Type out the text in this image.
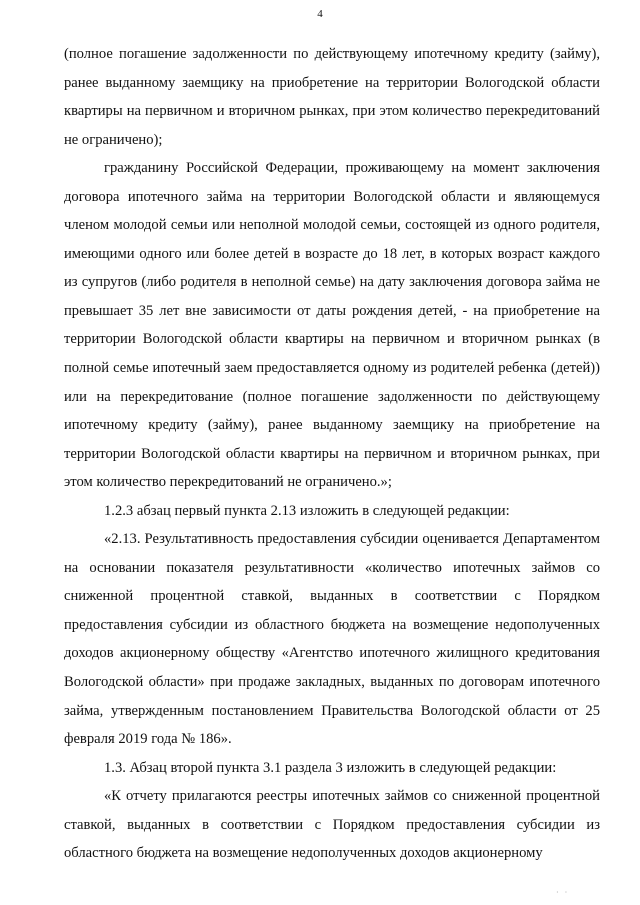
4

(полное погашение задолженности по действующему ипотечному кредиту (займу), ранее выданному заемщику на приобретение на территории Вологодской области квартиры на первичном и вторичном рынках, при этом количество перекредитований не ограничено);

гражданину Российской Федерации, проживающему на момент заключения договора ипотечного займа на территории Вологодской области и являющемуся членом молодой семьи или неполной молодой семьи, состоящей из одного родителя, имеющими одного или более детей в возрасте до 18 лет, в которых возраст каждого из супругов (либо родителя в неполной семье) на дату заключения договора займа не превышает 35 лет вне зависимости от даты рождения детей, - на приобретение на территории Вологодской области квартиры на первичном и вторичном рынках (в полной семье ипотечный заем предоставляется одному из родителей ребенка (детей)) или на перекредитование (полное погашение задолженности по действующему ипотечному кредиту (займу), ранее выданному заемщику на приобретение на территории Вологодской области квартиры на первичном и вторичном рынках, при этом количество перекредитований не ограничено.»;

1.2.3 абзац первый пункта 2.13 изложить в следующей редакции:

«2.13. Результативность предоставления субсидии оценивается Департаментом на основании показателя результативности «количество ипотечных займов со сниженной процентной ставкой, выданных в соответствии с Порядком предоставления субсидии из областного бюджета на возмещение недополученных доходов акционерному обществу «Агентство ипотечного жилищного кредитования Вологодской области» при продаже закладных, выданных по договорам ипотечного займа, утвержденным постановлением Правительства Вологодской области от 25 февраля 2019 года № 186».

1.3. Абзац второй пункта 3.1 раздела 3 изложить в следующей редакции:

«К отчету прилагаются реестры ипотечных займов со сниженной процентной ставкой, выданных в соответствии с Порядком предоставления субсидии из областного бюджета на возмещение недополученных доходов акционерному

· ·
